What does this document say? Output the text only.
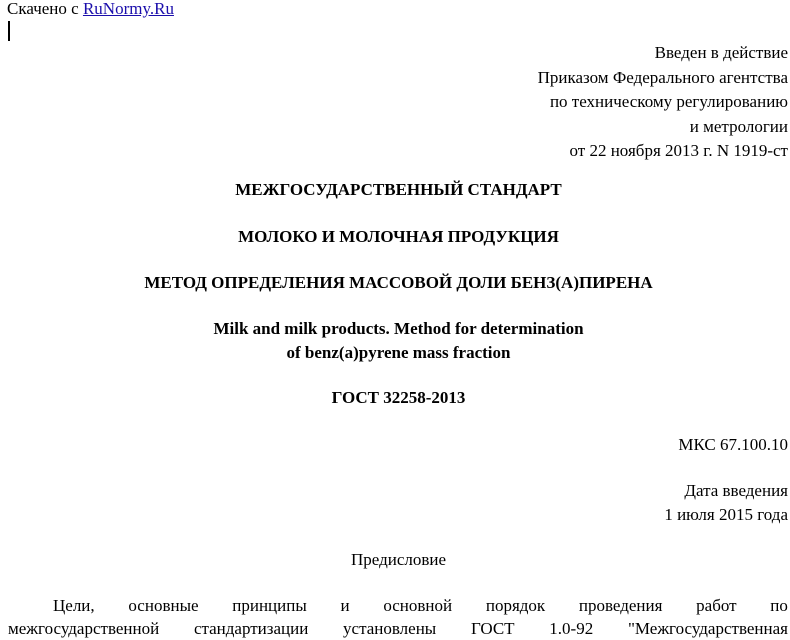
Скачено с RuNormy.Ru
Введен в действие
Приказом Федерального агентства
по техническому регулированию
и метрологии
от 22 ноября 2013 г. N 1919-ст
МЕЖГОСУДАРСТВЕННЫЙ СТАНДАРТ
МОЛОКО И МОЛОЧНАЯ ПРОДУКЦИЯ
МЕТОД ОПРЕДЕЛЕНИЯ МАССОВОЙ ДОЛИ БЕНЗ(А)ПИРЕНА
Milk and milk products. Method for determination
of benz(a)pyrene mass fraction
ГОСТ 32258-2013
МКС 67.100.10
Дата введения
1 июля 2015 года
Предисловие
Цели, основные принципы и основной порядок проведения работ по
межгосударственной стандартизации установлены ГОСТ 1.0-92 "Межгосударственная
